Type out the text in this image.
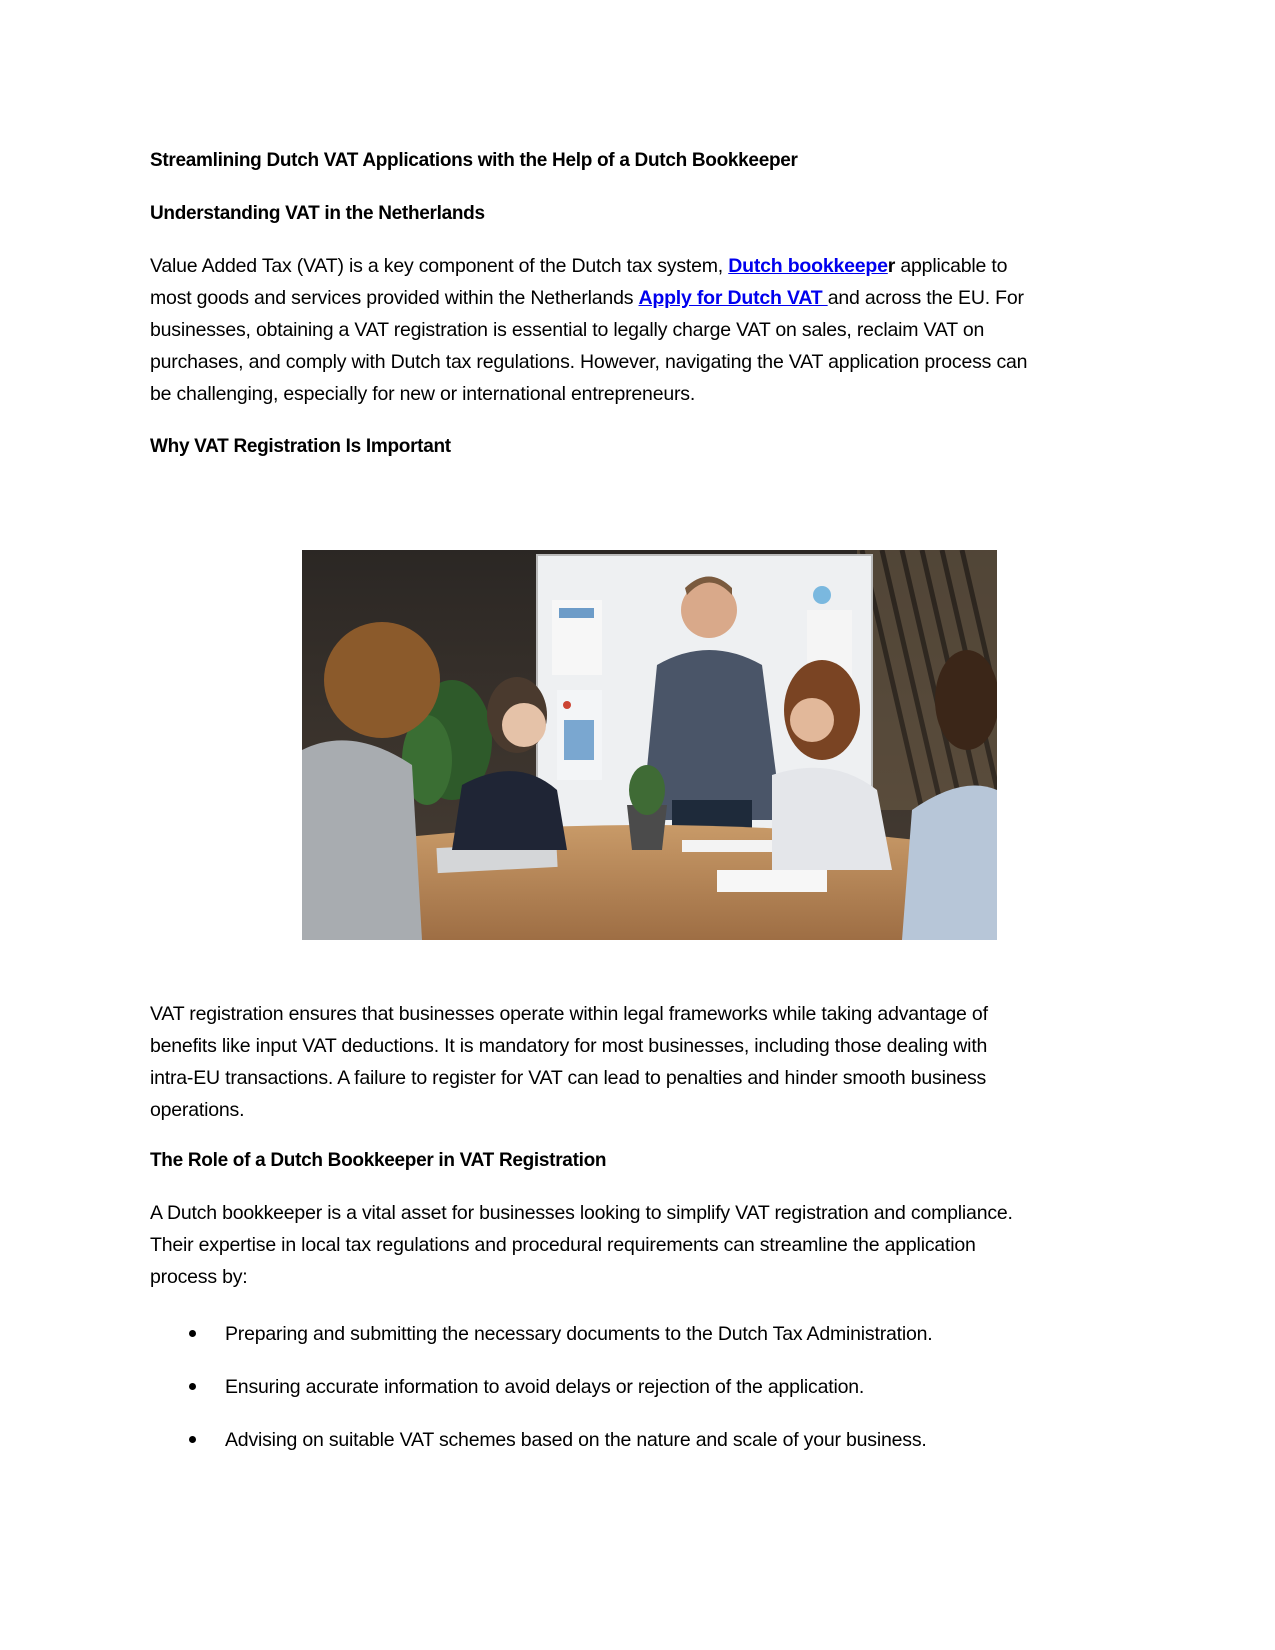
Streamlining Dutch VAT Applications with the Help of a Dutch Bookkeeper
Understanding VAT in the Netherlands
Value Added Tax (VAT) is a key component of the Dutch tax system, Dutch bookkeeper applicable to
most goods and services provided within the Netherlands Apply for Dutch VAT and across the EU. For
businesses, obtaining a VAT registration is essential to legally charge VAT on sales, reclaim VAT on
purchases, and comply with Dutch tax regulations. However, navigating the VAT application process can
be challenging, especially for new or international entrepreneurs.
Why VAT Registration Is Important
VAT registration ensures that businesses operate within legal frameworks while taking advantage of
benefits like input VAT deductions. It is mandatory for most businesses, including those dealing with
intra-EU transactions. A failure to register for VAT can lead to penalties and hinder smooth business
operations.
The Role of a Dutch Bookkeeper in VAT Registration
A Dutch bookkeeper is a vital asset for businesses looking to simplify VAT registration and compliance.
Their expertise in local tax regulations and procedural requirements can streamline the application
process by:
Preparing and submitting the necessary documents to the Dutch Tax Administration.
Ensuring accurate information to avoid delays or rejection of the application.
Advising on suitable VAT schemes based on the nature and scale of your business.
